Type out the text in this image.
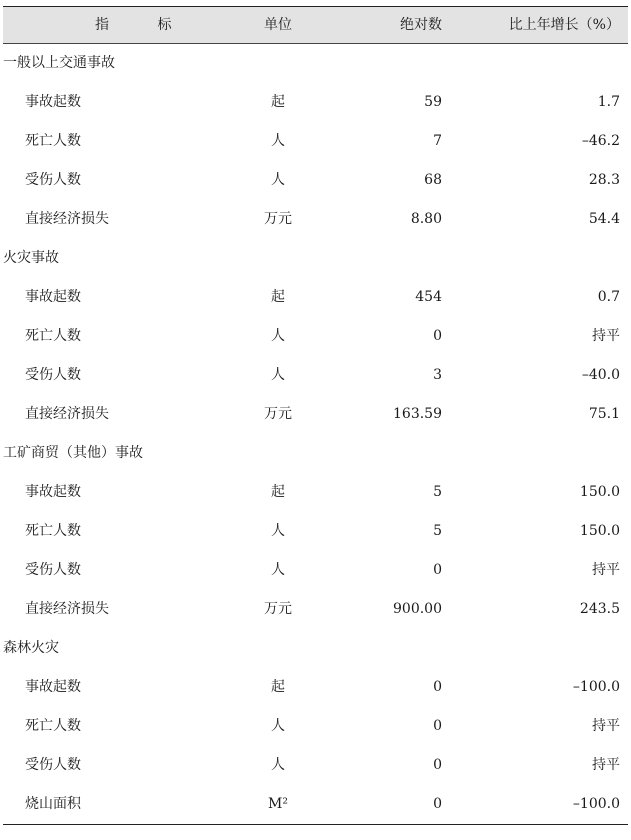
指 标	单位	绝对数	比上年增长（%）
一般以上交通事故
事故起数	起	59	1.7
死亡人数	人	7	–46.2
受伤人数	人	68	28.3
直接经济损失	万元	8.80	54.4
火灾事故
事故起数	起	454	0.7
死亡人数	人	0	持平
受伤人数	人	3	–40.0
直接经济损失	万元	163.59	75.1
工矿商贸（其他）事故
事故起数	起	5	150.0
死亡人数	人	5	150.0
受伤人数	人	0	持平
直接经济损失	万元	900.00	243.5
森林火灾
事故起数	起	0	–100.0
死亡人数	人	0	持平
受伤人数	人	0	持平
烧山面积	M²	0	–100.0
